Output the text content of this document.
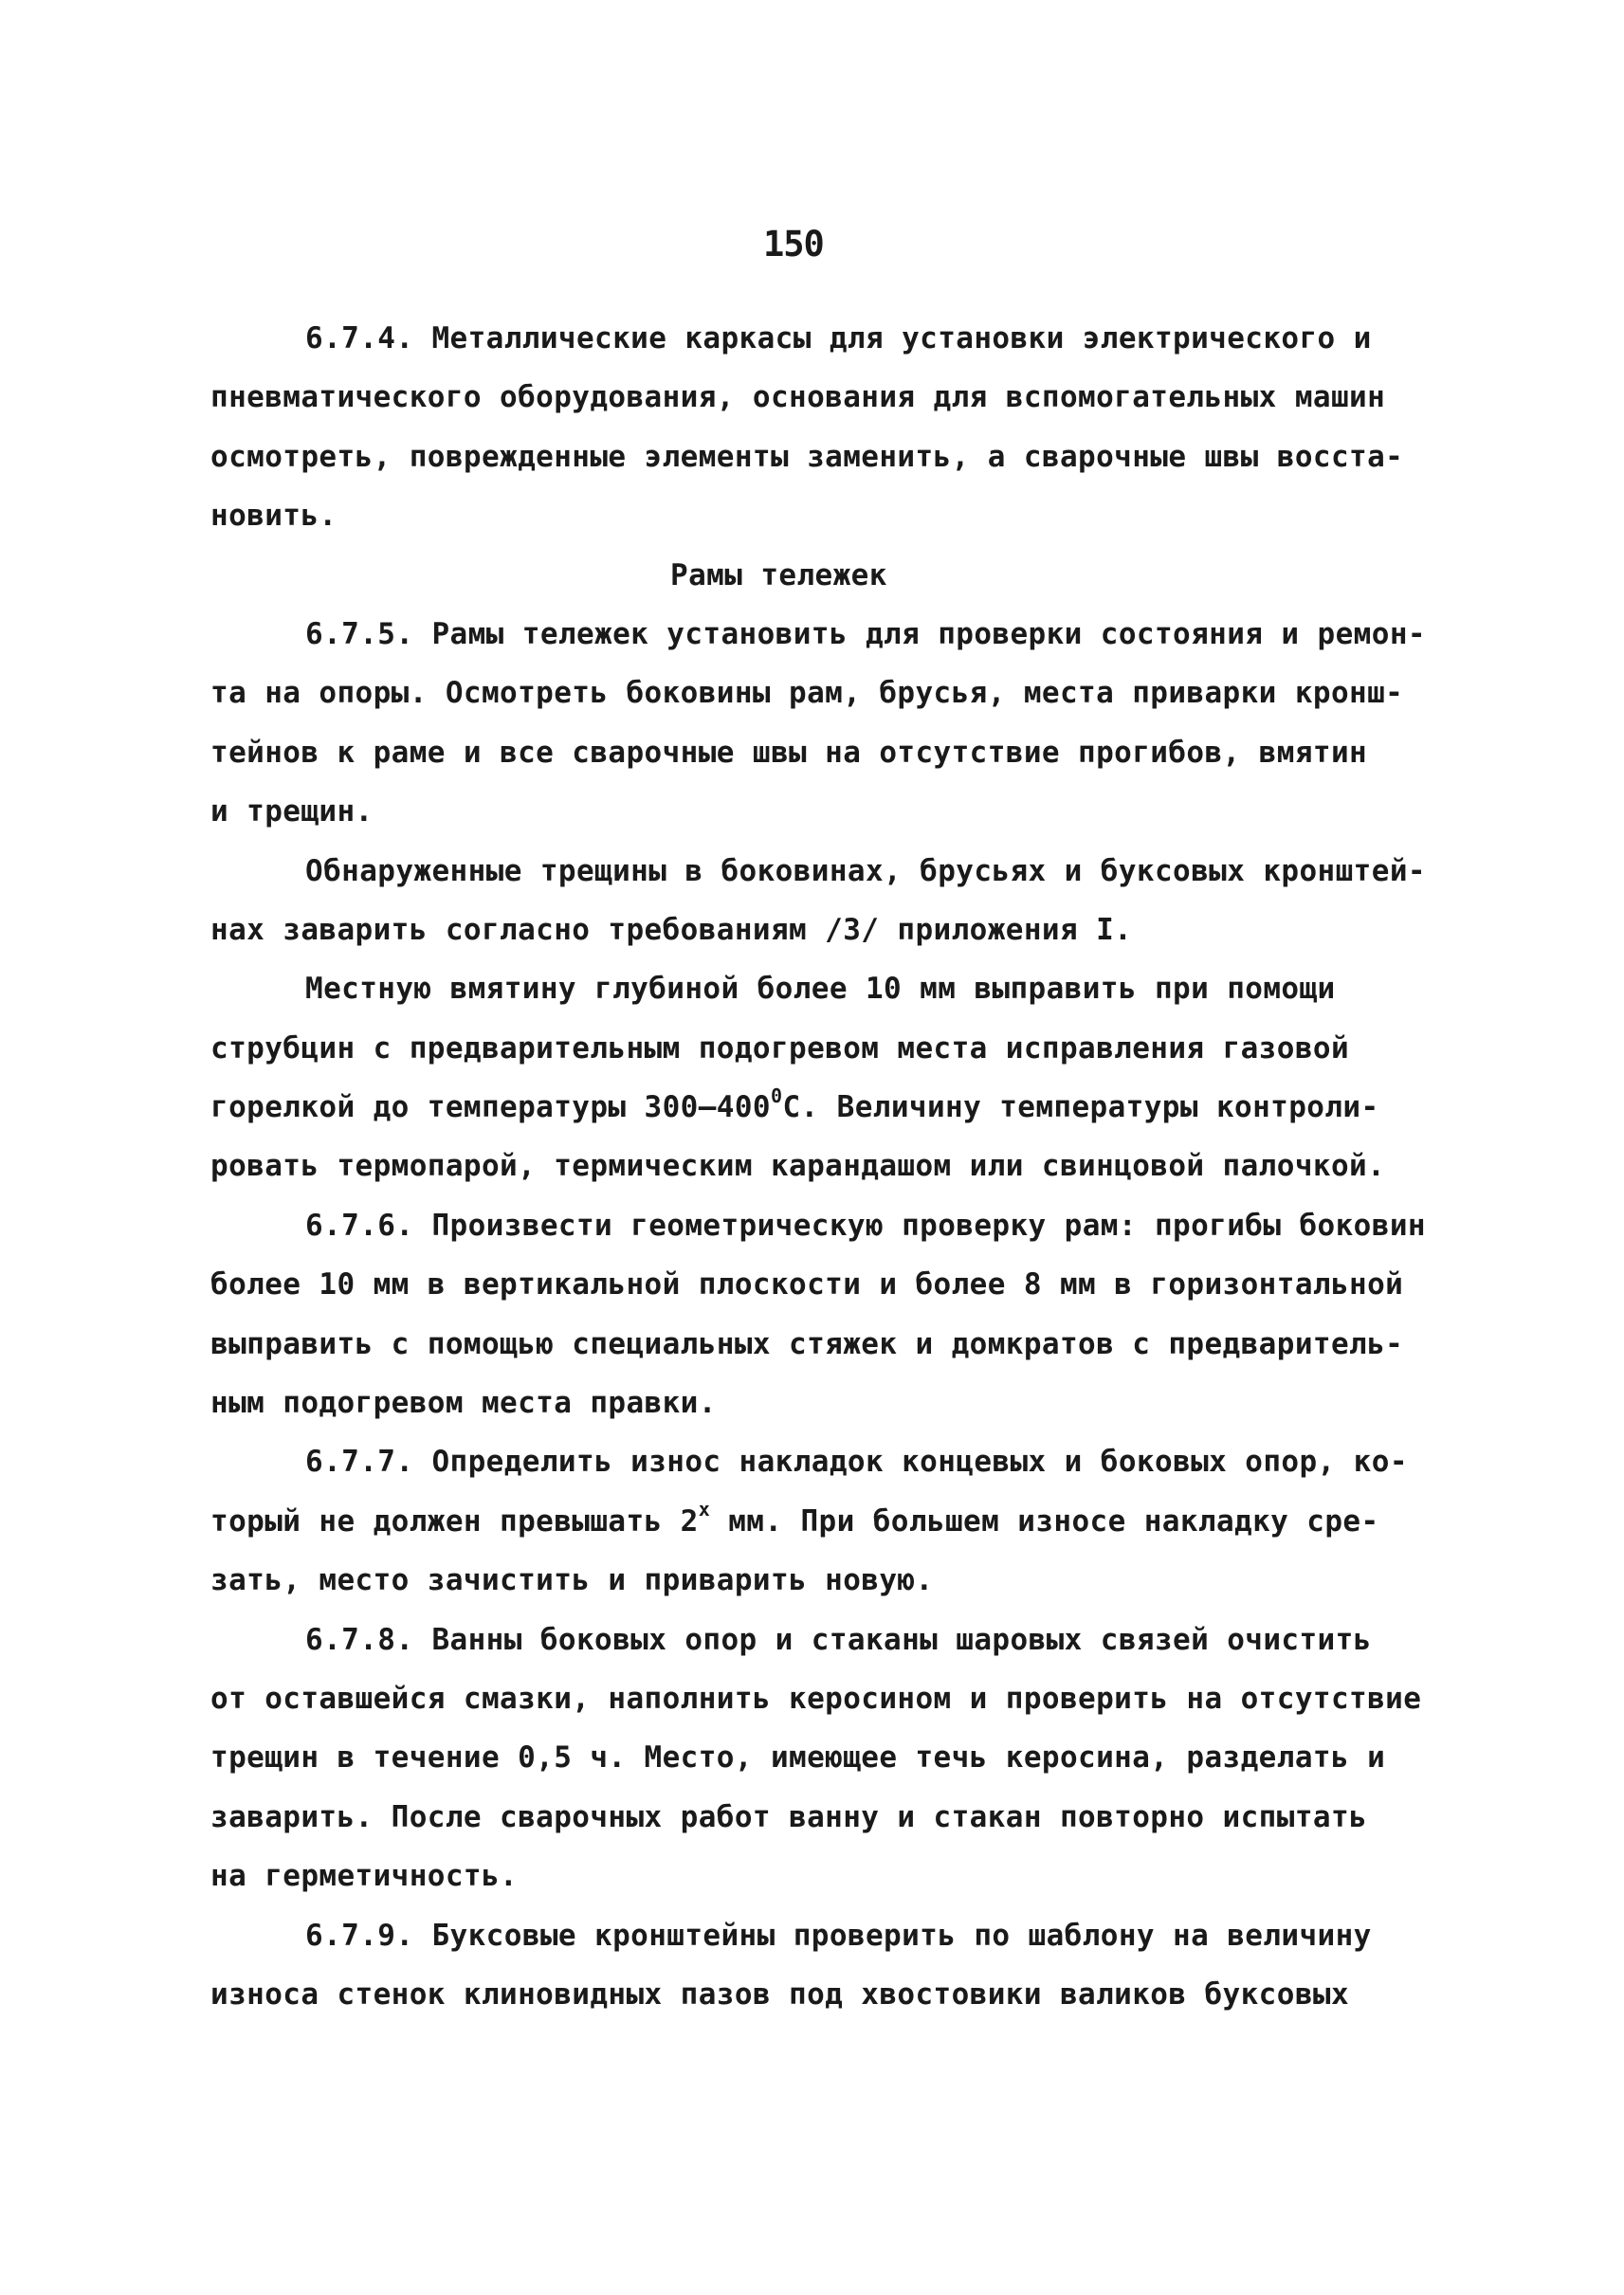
150
6.7.4. Металлические каркасы для установки электрического и
пневматического оборудования, основания для вспомогательных машин
осмотреть, поврежденные элементы заменить, а сварочные швы восста-
новить.
Рамы тележек
6.7.5. Рамы тележек установить для проверки состояния и ремон-
та на опоры. Осмотреть боковины рам, брусья, места приварки кронш-
тейнов к раме и все сварочные швы на отсутствие прогибов, вмятин
и трещин.
Обнаруженные трещины в боковинах, брусьях и буксовых кронштей-
нах заварить согласно требованиям /3/ приложения I.
Местную вмятину глубиной более 10 мм выправить при помощи
струбцин с предварительным подогревом места исправления газовой
горелкой до температуры $300-400^0С$. Величину температуры контроли-
ровать термопарой, термическим карандашом или свинцовой палочкой.
6.7.6. Произвести геометрическую проверку рам: прогибы боковин
более 10 мм в вертикальной плоскости и более 8 мм в горизонтальной
выправить с помощью специальных стяжек и домкратов с предваритель-
ным подогревом места правки.
6.7.7. Определить износ накладок концевых и боковых опор, ко-
торый не должен превышать $2^х$ мм. При большем износе накладку сре-
зать, место зачистить и приварить новую.
6.7.8. Ванны боковых опор и стаканы шаровых связей очистить
от оставшейся смазки, наполнить керосином и проверить на отсутствие
трещин в течение 0,5 ч. Место, имеющее течь керосина, разделать и
заварить. После сварочных работ ванну и стакан повторно испытать
на герметичность.
6.7.9. Буксовые кронштейны проверить по шаблону на величину
износа стенок клиновидных пазов под хвостовики валиков буксовых
